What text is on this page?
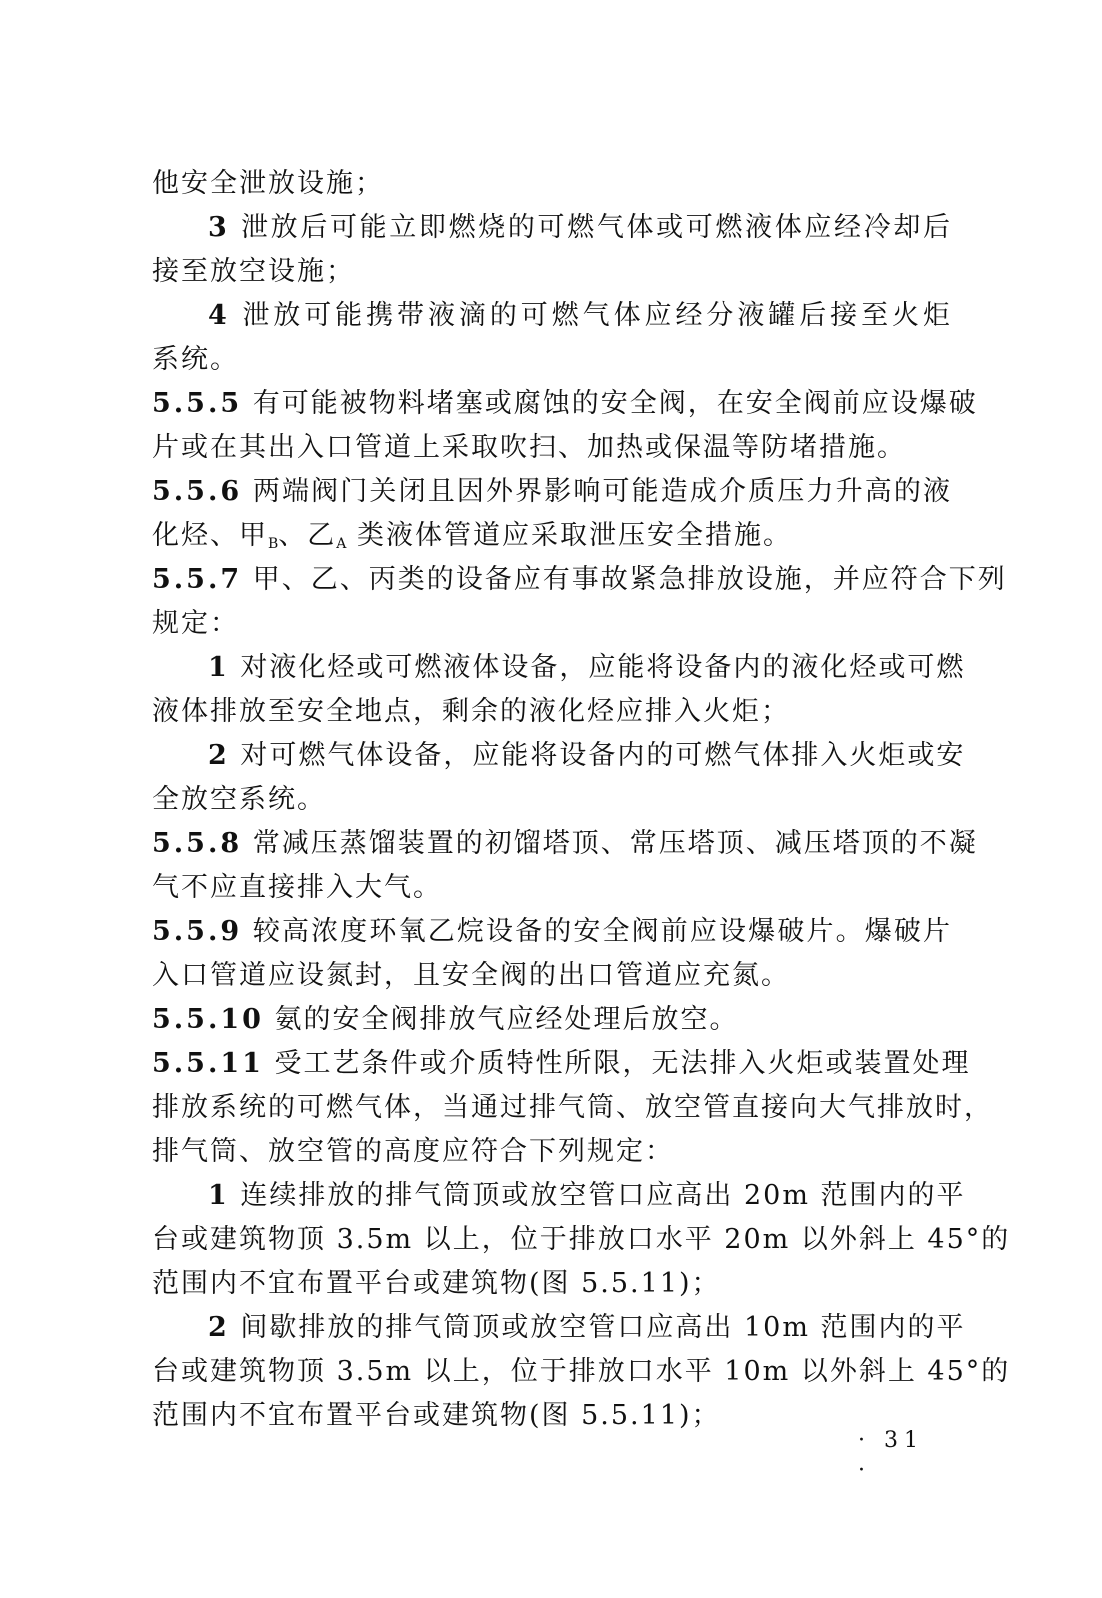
他安全泄放设施；
3 泄放后可能立即燃烧的可燃气体或可燃液体应经冷却后
接至放空设施；
4 泄放可能携带液滴的可燃气体应经分液罐后接至火炬
系统。
5.5.5 有可能被物料堵塞或腐蚀的安全阀，在安全阀前应设爆破
片或在其出入口管道上采取吹扫、加热或保温等防堵措施。
5.5.6 两端阀门关闭且因外界影响可能造成介质压力升高的液
化烃、甲$_B$、乙$_A$ 类液体管道应采取泄压安全措施。
5.5.7 甲、乙、丙类的设备应有事故紧急排放设施，并应符合下列
规定：
1 对液化烃或可燃液体设备，应能将设备内的液化烃或可燃
液体排放至安全地点，剩余的液化烃应排入火炬；
2 对可燃气体设备，应能将设备内的可燃气体排入火炬或安
全放空系统。
5.5.8 常减压蒸馏装置的初馏塔顶、常压塔顶、减压塔顶的不凝
气不应直接排入大气。
5.5.9 较高浓度环氧乙烷设备的安全阀前应设爆破片。爆破片
入口管道应设氮封，且安全阀的出口管道应充氮。
5.5.10 氨的安全阀排放气应经处理后放空。
5.5.11 受工艺条件或介质特性所限，无法排入火炬或装置处理
排放系统的可燃气体，当通过排气筒、放空管直接向大气排放时，
排气筒、放空管的高度应符合下列规定：
1 连续排放的排气筒顶或放空管口应高出 20m 范围内的平
台或建筑物顶 3.5m 以上，位于排放口水平 20m 以外斜上 45°的
范围内不宜布置平台或建筑物(图 5.5.11)；
2 间歇排放的排气筒顶或放空管口应高出 10m 范围内的平
台或建筑物顶 3.5m 以上，位于排放口水平 10m 以外斜上 45°的
范围内不宜布置平台或建筑物(图 5.5.11)；
· 31 ·
